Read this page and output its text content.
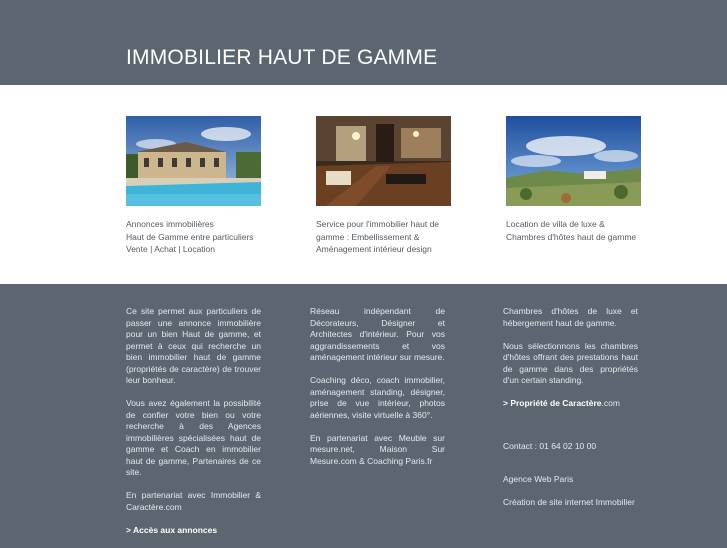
IMMOBILIER HAUT DE GAMME
Annonces immobilières
Haut de Gamme entre particuliers
Vente | Achat | Location
Service pour l'immobilier haut de
gamme : Embellissement &
Aménagement intérieur design
Location de villa de luxe &
Chambres d'hôtes haut de gamme

Ce site permet aux particuliers de passer une annonce immobilière pour un bien Haut de gamme, et permet à ceux qui recherche un bien immobilier haut de gamme (propriétés de caractère) de trouver leur bonheur.

Vous avez également la possibilité de confier votre bien ou votre recherche à des Agences immobilières spécialisées haut de gamme et Coach en immobilier haut de gamme, Partenaires de ce site.

En partenariat avec Immobilier & Caractère.com

> Accès aux annonces

Réseau indépendant de Décorateurs, Désigner et Architectes d'intérieur. Pour vos aggrandissements et vos aménagement intérieur sur mesure.

Coaching déco, coach immobilier, aménagement standing, désigner, prise de vue intérieur, photos aériennes, visite virtuelle à 360°.

En partenariat avec Meuble sur mesure.net, Maison Sur Mesure.com & Coaching Paris.fr

Chambres d'hôtes de luxe et hébergement haut de gamme.

Nous sélectionnons les chambres d'hôtes offrant des prestations haut de gamme dans des propriétés d'un certain standing.

> Propriété de Caractère.com

Contact : 01 64 02 10 00

Agence Web Paris

Création de site internet Immobilier
